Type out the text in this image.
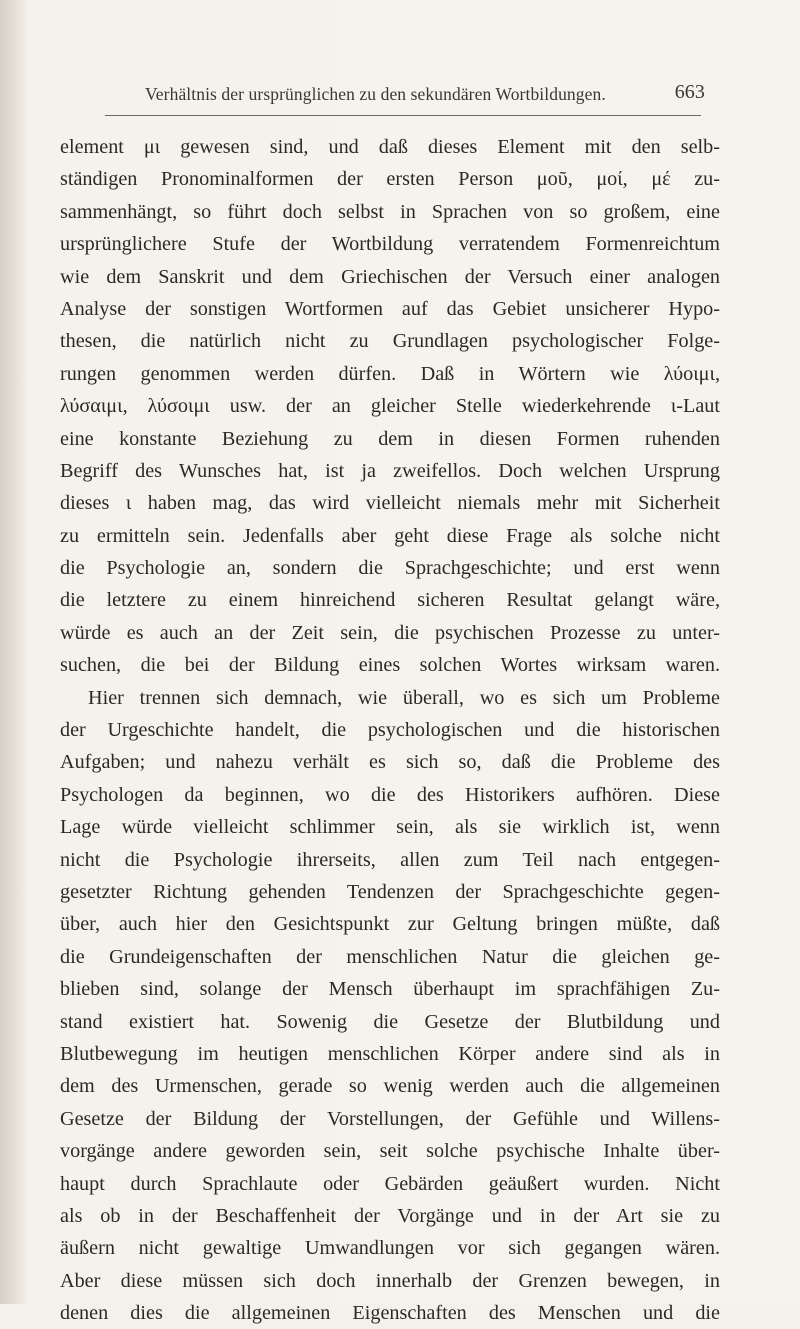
Verhältnis der ursprünglichen zu den sekundären Wortbildungen.	663
element μι gewesen sind, und daß dieses Element mit den selb-
ständigen Pronominalformen der ersten Person μοῦ, μοί, μέ zu-
sammenhängt, so führt doch selbst in Sprachen von so großem, eine
ursprünglichere Stufe der Wortbildung verratendem Formenreichtum
wie dem Sanskrit und dem Griechischen der Versuch einer analogen
Analyse der sonstigen Wortformen auf das Gebiet unsicherer Hypo-
thesen, die natürlich nicht zu Grundlagen psychologischer Folge-
rungen genommen werden dürfen. Daß in Wörtern wie λύοιμι,
λύσαιμι, λύσοιμι usw. der an gleicher Stelle wiederkehrende ι-Laut
eine konstante Beziehung zu dem in diesen Formen ruhenden
Begriff des Wunsches hat, ist ja zweifellos. Doch welchen Ursprung
dieses ι haben mag, das wird vielleicht niemals mehr mit Sicherheit
zu ermitteln sein. Jedenfalls aber geht diese Frage als solche nicht
die Psychologie an, sondern die Sprachgeschichte; und erst wenn
die letztere zu einem hinreichend sicheren Resultat gelangt wäre,
würde es auch an der Zeit sein, die psychischen Prozesse zu unter-
suchen, die bei der Bildung eines solchen Wortes wirksam waren.
Hier trennen sich demnach, wie überall, wo es sich um Probleme
der Urgeschichte handelt, die psychologischen und die historischen
Aufgaben; und nahezu verhält es sich so, daß die Probleme des
Psychologen da beginnen, wo die des Historikers aufhören. Diese
Lage würde vielleicht schlimmer sein, als sie wirklich ist, wenn
nicht die Psychologie ihrerseits, allen zum Teil nach entgegen-
gesetzter Richtung gehenden Tendenzen der Sprachgeschichte gegen-
über, auch hier den Gesichtspunkt zur Geltung bringen müßte, daß
die Grundeigenschaften der menschlichen Natur die gleichen ge-
blieben sind, solange der Mensch überhaupt im sprachfähigen Zu-
stand existiert hat. Sowenig die Gesetze der Blutbildung und
Blutbewegung im heutigen menschlichen Körper andere sind als in
dem des Urmenschen, gerade so wenig werden auch die allgemeinen
Gesetze der Bildung der Vorstellungen, der Gefühle und Willens-
vorgänge andere geworden sein, seit solche psychische Inhalte über-
haupt durch Sprachlaute oder Gebärden geäußert wurden. Nicht
als ob in der Beschaffenheit der Vorgänge und in der Art sie zu
äußern nicht gewaltige Umwandlungen vor sich gegangen wären.
Aber diese müssen sich doch innerhalb der Grenzen bewegen, in
denen dies die allgemeinen Eigenschaften des Menschen und die
